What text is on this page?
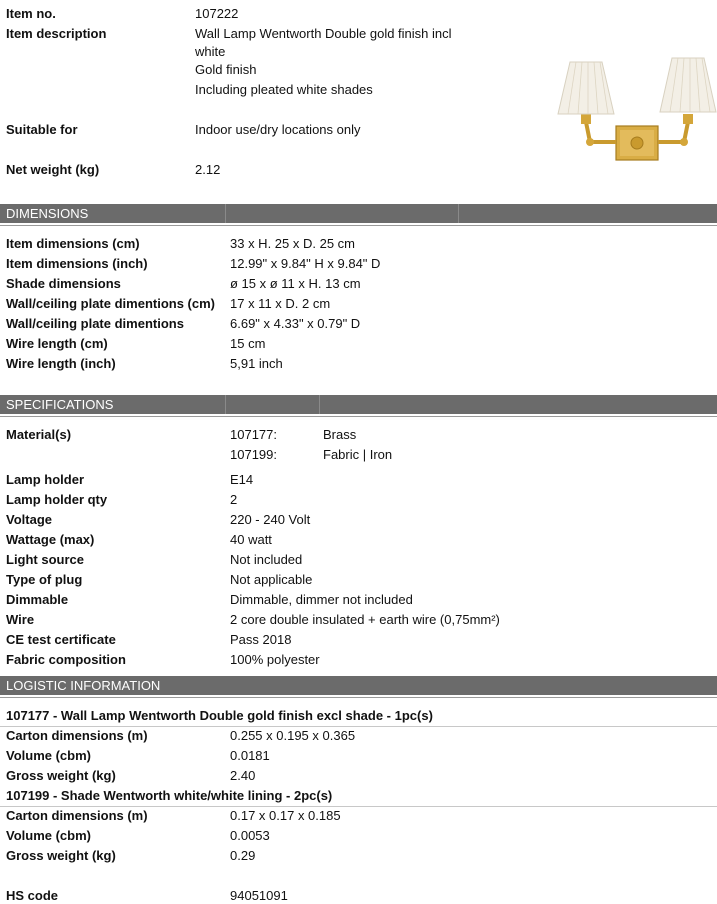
Item no.	107222
Item description	Wall Lamp Wentworth Double gold finish incl
white
Gold finish
Including pleated white shades
Suitable for	Indoor use/dry locations only
Net weight (kg)	2.12
DIMENSIONS
Item dimensions (cm)	33 x H. 25 x D. 25 cm
Item dimensions (inch)	12.99" x 9.84" H x 9.84" D
Shade dimensions	ø 15 x ø 11 x H. 13 cm
Wall/ceiling plate dimentions (cm) 17 x 11 x D. 2 cm
Wall/ceiling plate dimentions	6.69" x 4.33" x 0.79" D
Wire length (cm)	15 cm
Wire length (inch)	5,91 inch
SPECIFICATIONS
Material(s)	107177:	Brass
107199:	Fabric | Iron
Lamp holder	E14
Lamp holder qty	2
Voltage	220 - 240 Volt
Wattage (max)	40 watt
Light source	Not included
Type of plug	Not applicable
Dimmable	Dimmable, dimmer not included
Wire	2 core double insulated + earth wire (0,75mm²)
CE test certificate	Pass 2018
Fabric composition	100% polyester
LOGISTIC INFORMATION
107177 - Wall Lamp Wentworth Double gold finish excl shade - 1pc(s)
Carton dimensions (m)	0.255 x 0.195 x 0.365
Volume (cbm)	0.0181
Gross weight (kg)	2.40
107199 - Shade Wentworth white/white lining - 2pc(s)
Carton dimensions (m)	0.17 x 0.17 x 0.185
Volume (cbm)	0.0053
Gross weight (kg)	0.29
HS code	94051091
